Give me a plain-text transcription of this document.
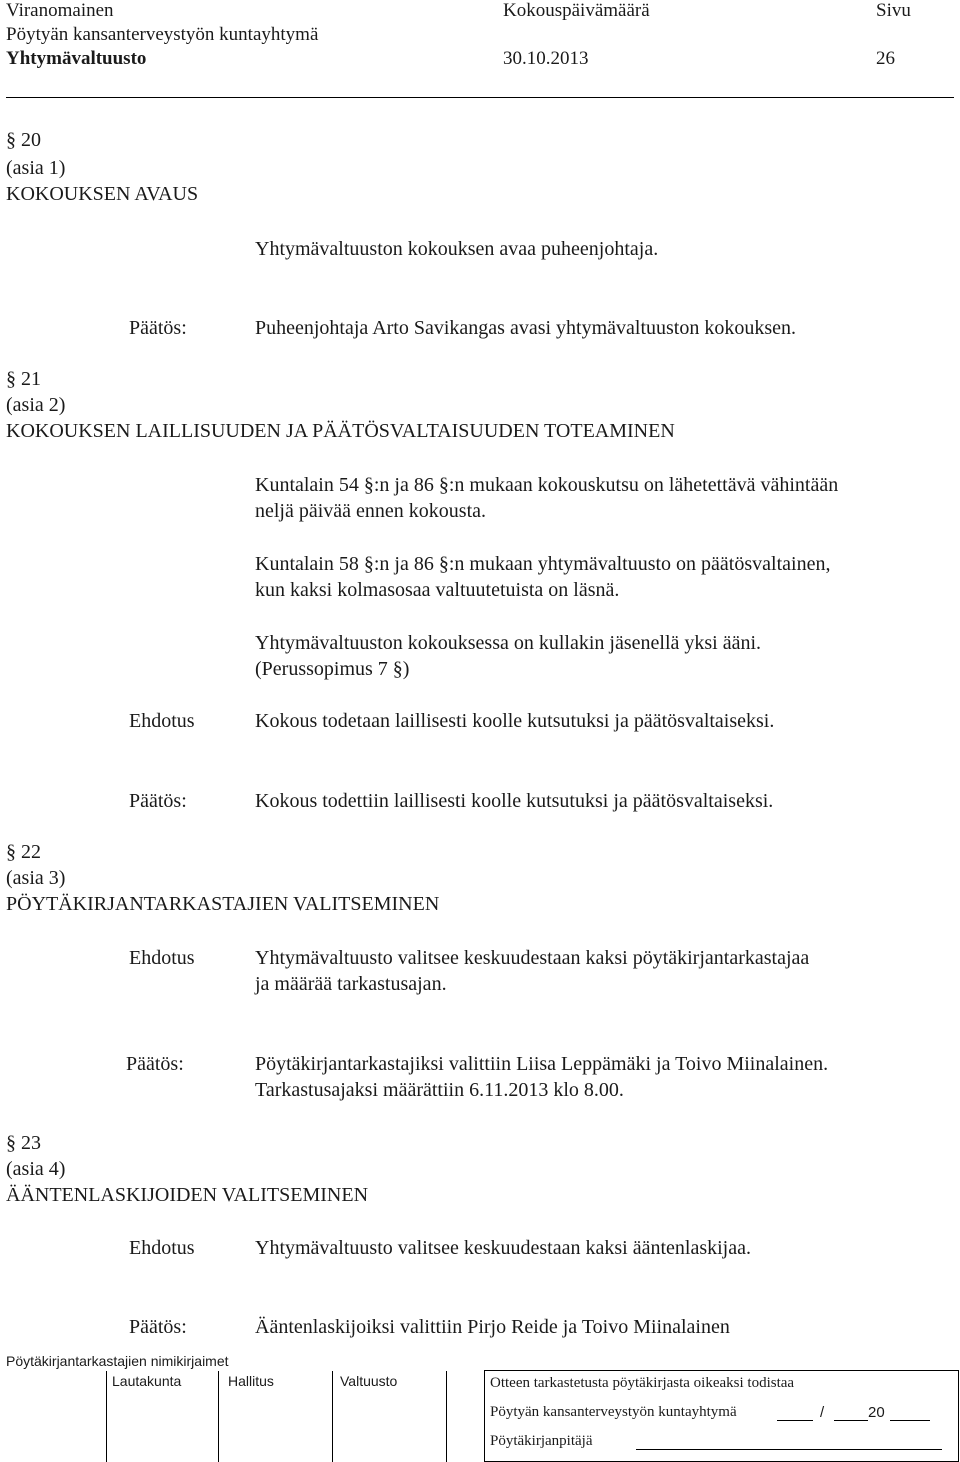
Viranomainen	Kokouspäivämäärä	Sivu
Pöytyän kansanterveystyön kuntayhtymä
Yhtymävaltuusto	30.10.2013	26
§ 20
(asia 1)
KOKOUKSEN AVAUS
Yhtymävaltuuston kokouksen avaa puheenjohtaja.
Päätös:	Puheenjohtaja Arto Savikangas avasi yhtymävaltuuston kokouksen.
§ 21
(asia 2)
KOKOUKSEN LAILLISUUDEN JA PÄÄTÖSVALTAISUUDEN TOTEAMINEN
Kuntalain 54 §:n ja 86 §:n mukaan kokouskutsu on lähetettävä vähintään
neljä päivää ennen kokousta.
Kuntalain 58 §:n ja 86 §:n mukaan yhtymävaltuusto on päätösvaltainen,
kun kaksi kolmasosaa valtuutetuista on läsnä.
Yhtymävaltuuston kokouksessa on kullakin jäsenellä yksi ääni.
(Perussopimus 7 §)
Ehdotus	Kokous todetaan laillisesti koolle kutsutuksi ja päätösvaltaiseksi.
Päätös:	Kokous todettiin laillisesti koolle kutsutuksi ja päätösvaltaiseksi.
§ 22
(asia 3)
PÖYTÄKIRJANTARKASTAJIEN VALITSEMINEN
Ehdotus	Yhtymävaltuusto valitsee keskuudestaan kaksi pöytäkirjantarkastajaa
ja määrää tarkastusajan.
Päätös:	Pöytäkirjantarkastajiksi valittiin Liisa Leppämäki ja Toivo Miinalainen.
Tarkastusajaksi määrättiin 6.11.2013 klo 8.00.
§ 23
(asia 4)
ÄÄNTENLASKIJOIDEN VALITSEMINEN
Ehdotus	Yhtymävaltuusto valitsee keskuudestaan kaksi ääntenlaskijaa.
Päätös:	Ääntenlaskijoiksi valittiin Pirjo Reide ja Toivo Miinalainen
Pöytäkirjantarkastajien nimikirjaimet
Lautakunta	Hallitus	Valtuusto	Otteen tarkastetusta pöytäkirjasta oikeaksi todistaa
Pöytyän kansanterveystyön kuntayhtymä	/	20
Pöytäkirjanpitäjä
